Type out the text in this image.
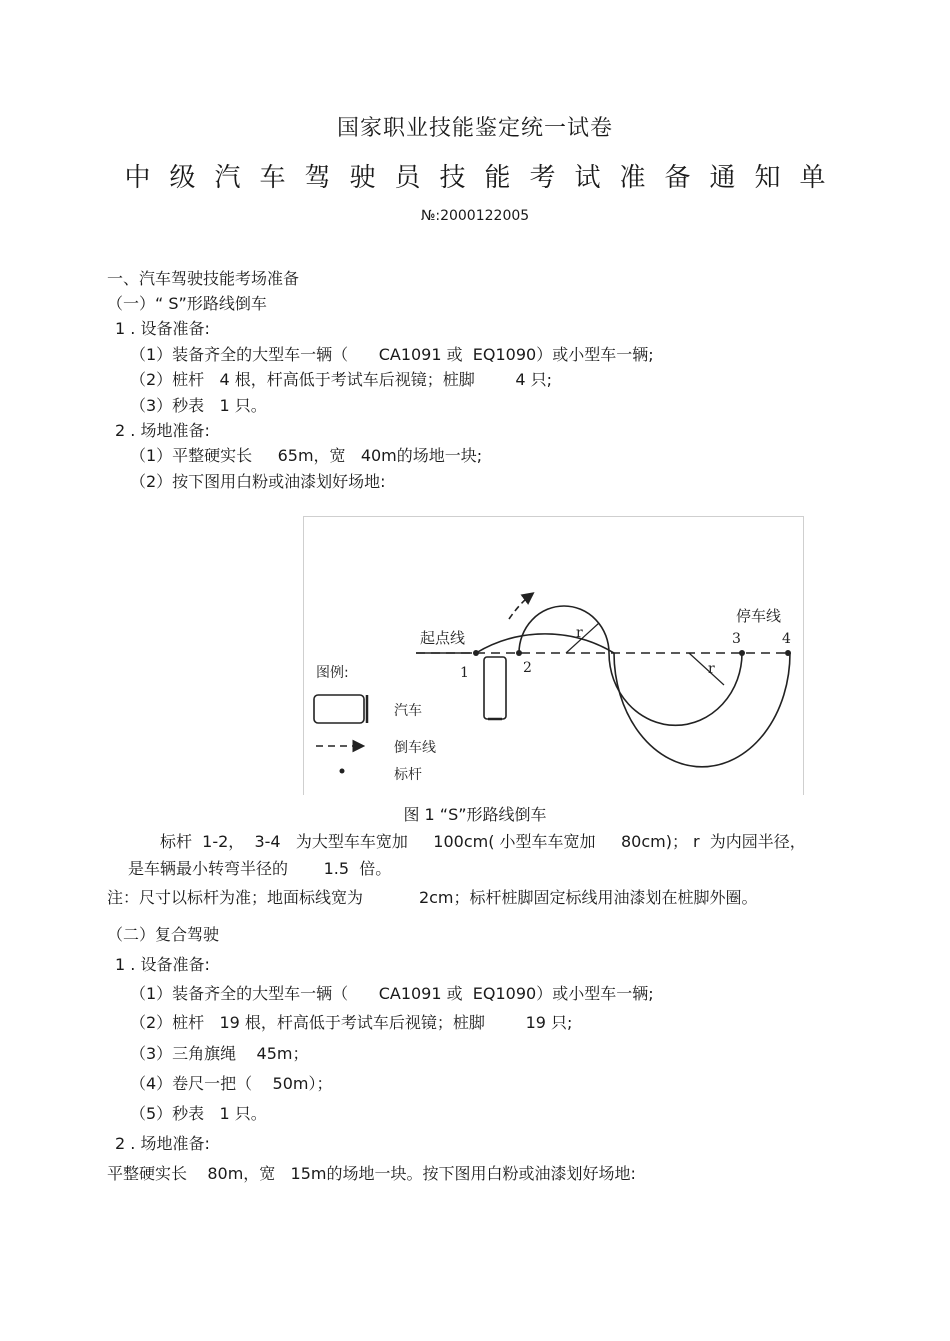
国家职业技能鉴定统一试卷
中级汽车驾驶员技能考试准备通知单
№:2000122005
一、汽车驾驶技能考场准备
（一）“ S”形路线倒车
1 . 设备准备:
（1）装备齐全的大型车一辆（      CA1091 或  EQ1090）或小型车一辆;
（2）桩杆   4 根，杆高低于考试车后视镜；桩脚        4 只;
（3）秒表   1 只。
2 . 场地准备:
（1）平整硬实长     65m，宽   40m的场地一块;
（2）按下图用白粉或油漆划好场地:
起点线
停车线
1	2
3	4
r
r
图例:
汽车
倒车线
标杆
图 1 “S”形路线倒车
标杆  1-2，  3-4   为大型车车宽加     100cm( 小型车车宽加     80cm)； r  为内园半径，
是车辆最小转弯半径的       1.5  倍。
注：尺寸以标杆为准；地面标线宽为           2cm；标杆桩脚固定标线用油漆划在桩脚外圈。
（二）复合驾驶
1 . 设备准备:
（1）装备齐全的大型车一辆（      CA1091 或  EQ1090）或小型车一辆;
（2）桩杆   19 根，杆高低于考试车后视镜；桩脚        19 只;
（3）三角旗绳    45m；
（4）卷尺一把（    50m）；
（5）秒表   1 只。
2 . 场地准备:
平整硬实长    80m，宽   15m的场地一块。按下图用白粉或油漆划好场地:
